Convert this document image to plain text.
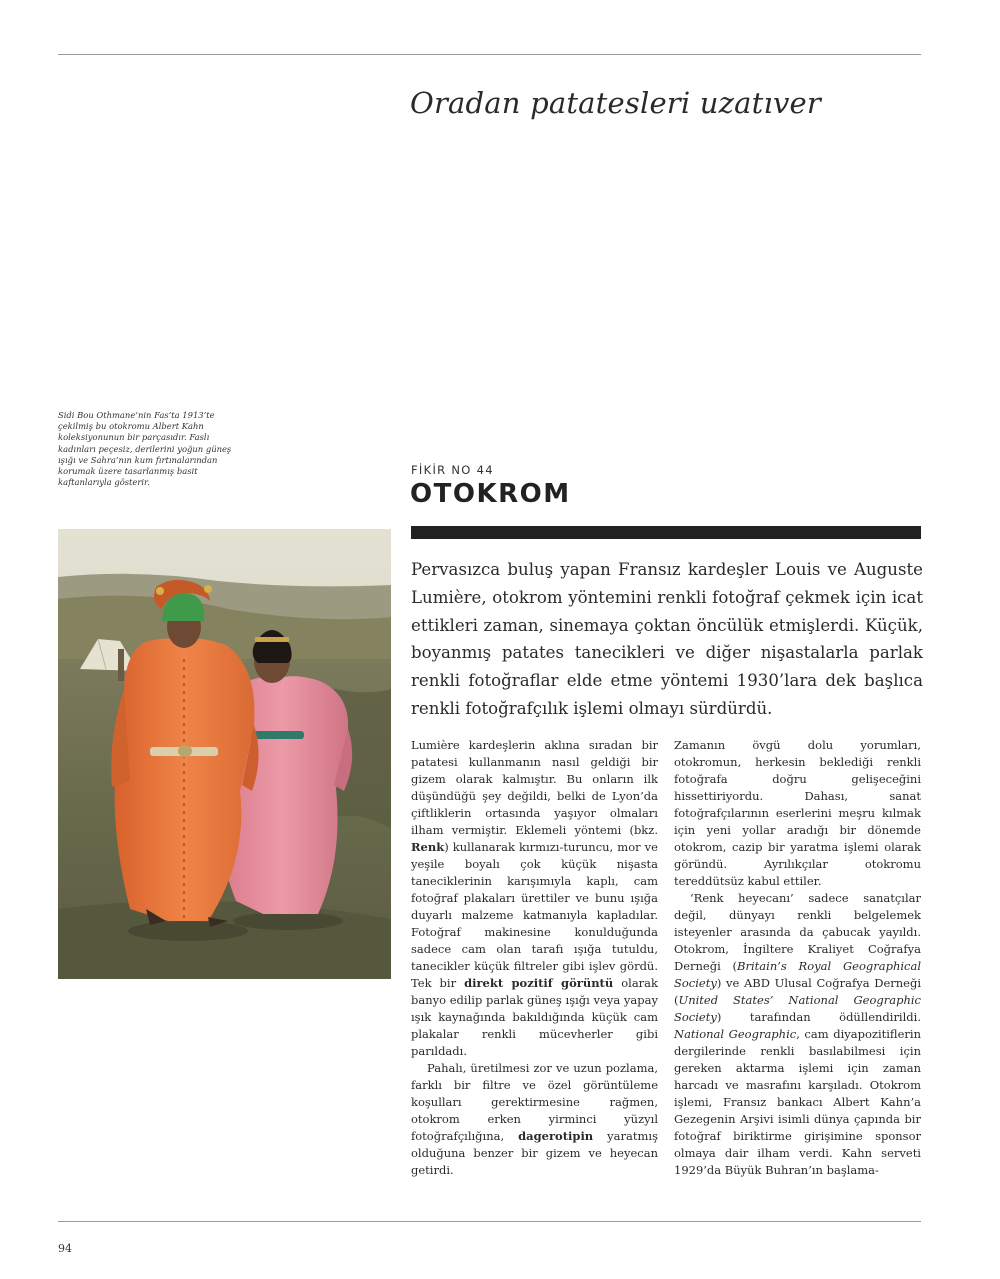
Oradan patatesleri uzatıver
Sidi Bou Othmane’nin Fas’ta 1913’te çekilmiş bu otokromu Albert Kahn koleksiyonunun bir parçasıdır. Faslı kadınları peçesiz, derilerini yoğun güneş ışığı ve Sahra’nın kum fırtınalarından korumak üzere tasarlanmış basit kaftanlarıyla gösterir.
FİKİR NO 44
OTOKROM

Pervasızca buluş yapan Fransız kardeşler Louis ve Auguste Lumière, otokrom yöntemini renkli fotoğraf çekmek için icat ettikleri zaman, sinemaya çoktan öncülük etmişlerdi. Küçük, boyanmış patates tanecikleri ve diğer nişastalarla parlak renkli fotoğraflar elde etme yöntemi 1930’lara dek başlıca renkli fotoğrafçılık işlemi olmayı sürdürdü.

Lumière kardeşlerin aklına sıradan bir patatesi kullanmanın nasıl geldiği bir gizem olarak kalmıştır. Bu onların ilk düşündüğü şey değildi, belki de Lyon’da çiftliklerin ortasında yaşıyor olmaları ilham vermiştir. Eklemeli yöntemi (bkz. Renk) kullanarak kırmızı-turuncu, mor ve yeşile boyalı çok küçük nişasta taneciklerinin karışımıyla kaplı, cam fotoğraf plakaları ürettiler ve bunu ışığa duyarlı malzeme katmanıyla kapladılar. Fotoğraf makinesine konulduğunda sadece cam olan tarafı ışığa tutuldu, tanecikler küçük filtreler gibi işlev gördü. Tek bir direkt pozitif görüntü olarak banyo edilip parlak güneş ışığı veya yapay ışık kaynağında bakıldığında küçük cam plakalar renkli mücevherler gibi parıldadı.

Pahalı, üretilmesi zor ve uzun pozlama, farklı bir filtre ve özel görüntüleme koşulları gerektirmesine rağmen, otokrom erken yirminci yüzyıl fotoğrafçılığına, dagerotipin yaratmış olduğuna benzer bir gizem ve heyecan getirdi.

Zamanın övgü dolu yorumları, otokromun, herkesin beklediği renkli fotoğrafa doğru gelişeceğini hissettiriyordu. Dahası, sanat fotoğrafçılarının eserlerini meşru kılmak için yeni yollar aradığı bir dönemde otokrom, cazip bir yaratma işlemi olarak göründü. Ayrılıkçılar otokromu tereddütsüz kabul ettiler.

‘Renk heyecanı’ sadece sanatçılar değil, dünyayı renkli belgelemek isteyenler arasında da çabucak yayıldı. Otokrom, İngiltere Kraliyet Coğrafya Derneği (Britain’s Royal Geographical Society) ve ABD Ulusal Coğrafya Derneği (United States’ National Geographic Society) tarafından ödüllendirildi. National Geographic, cam diyapozitiflerin dergilerinde renkli basılabilmesi için gereken aktarma işlemi için zaman harcadı ve masrafını karşıladı. Otokrom işlemi, Fransız bankacı Albert Kahn’a Gezegenin Arşivi isimli dünya çapında bir fotoğraf biriktirme girişimine sponsor olmaya dair ilham verdi. Kahn serveti 1929’da Büyük Buhran’ın başlama-

94
